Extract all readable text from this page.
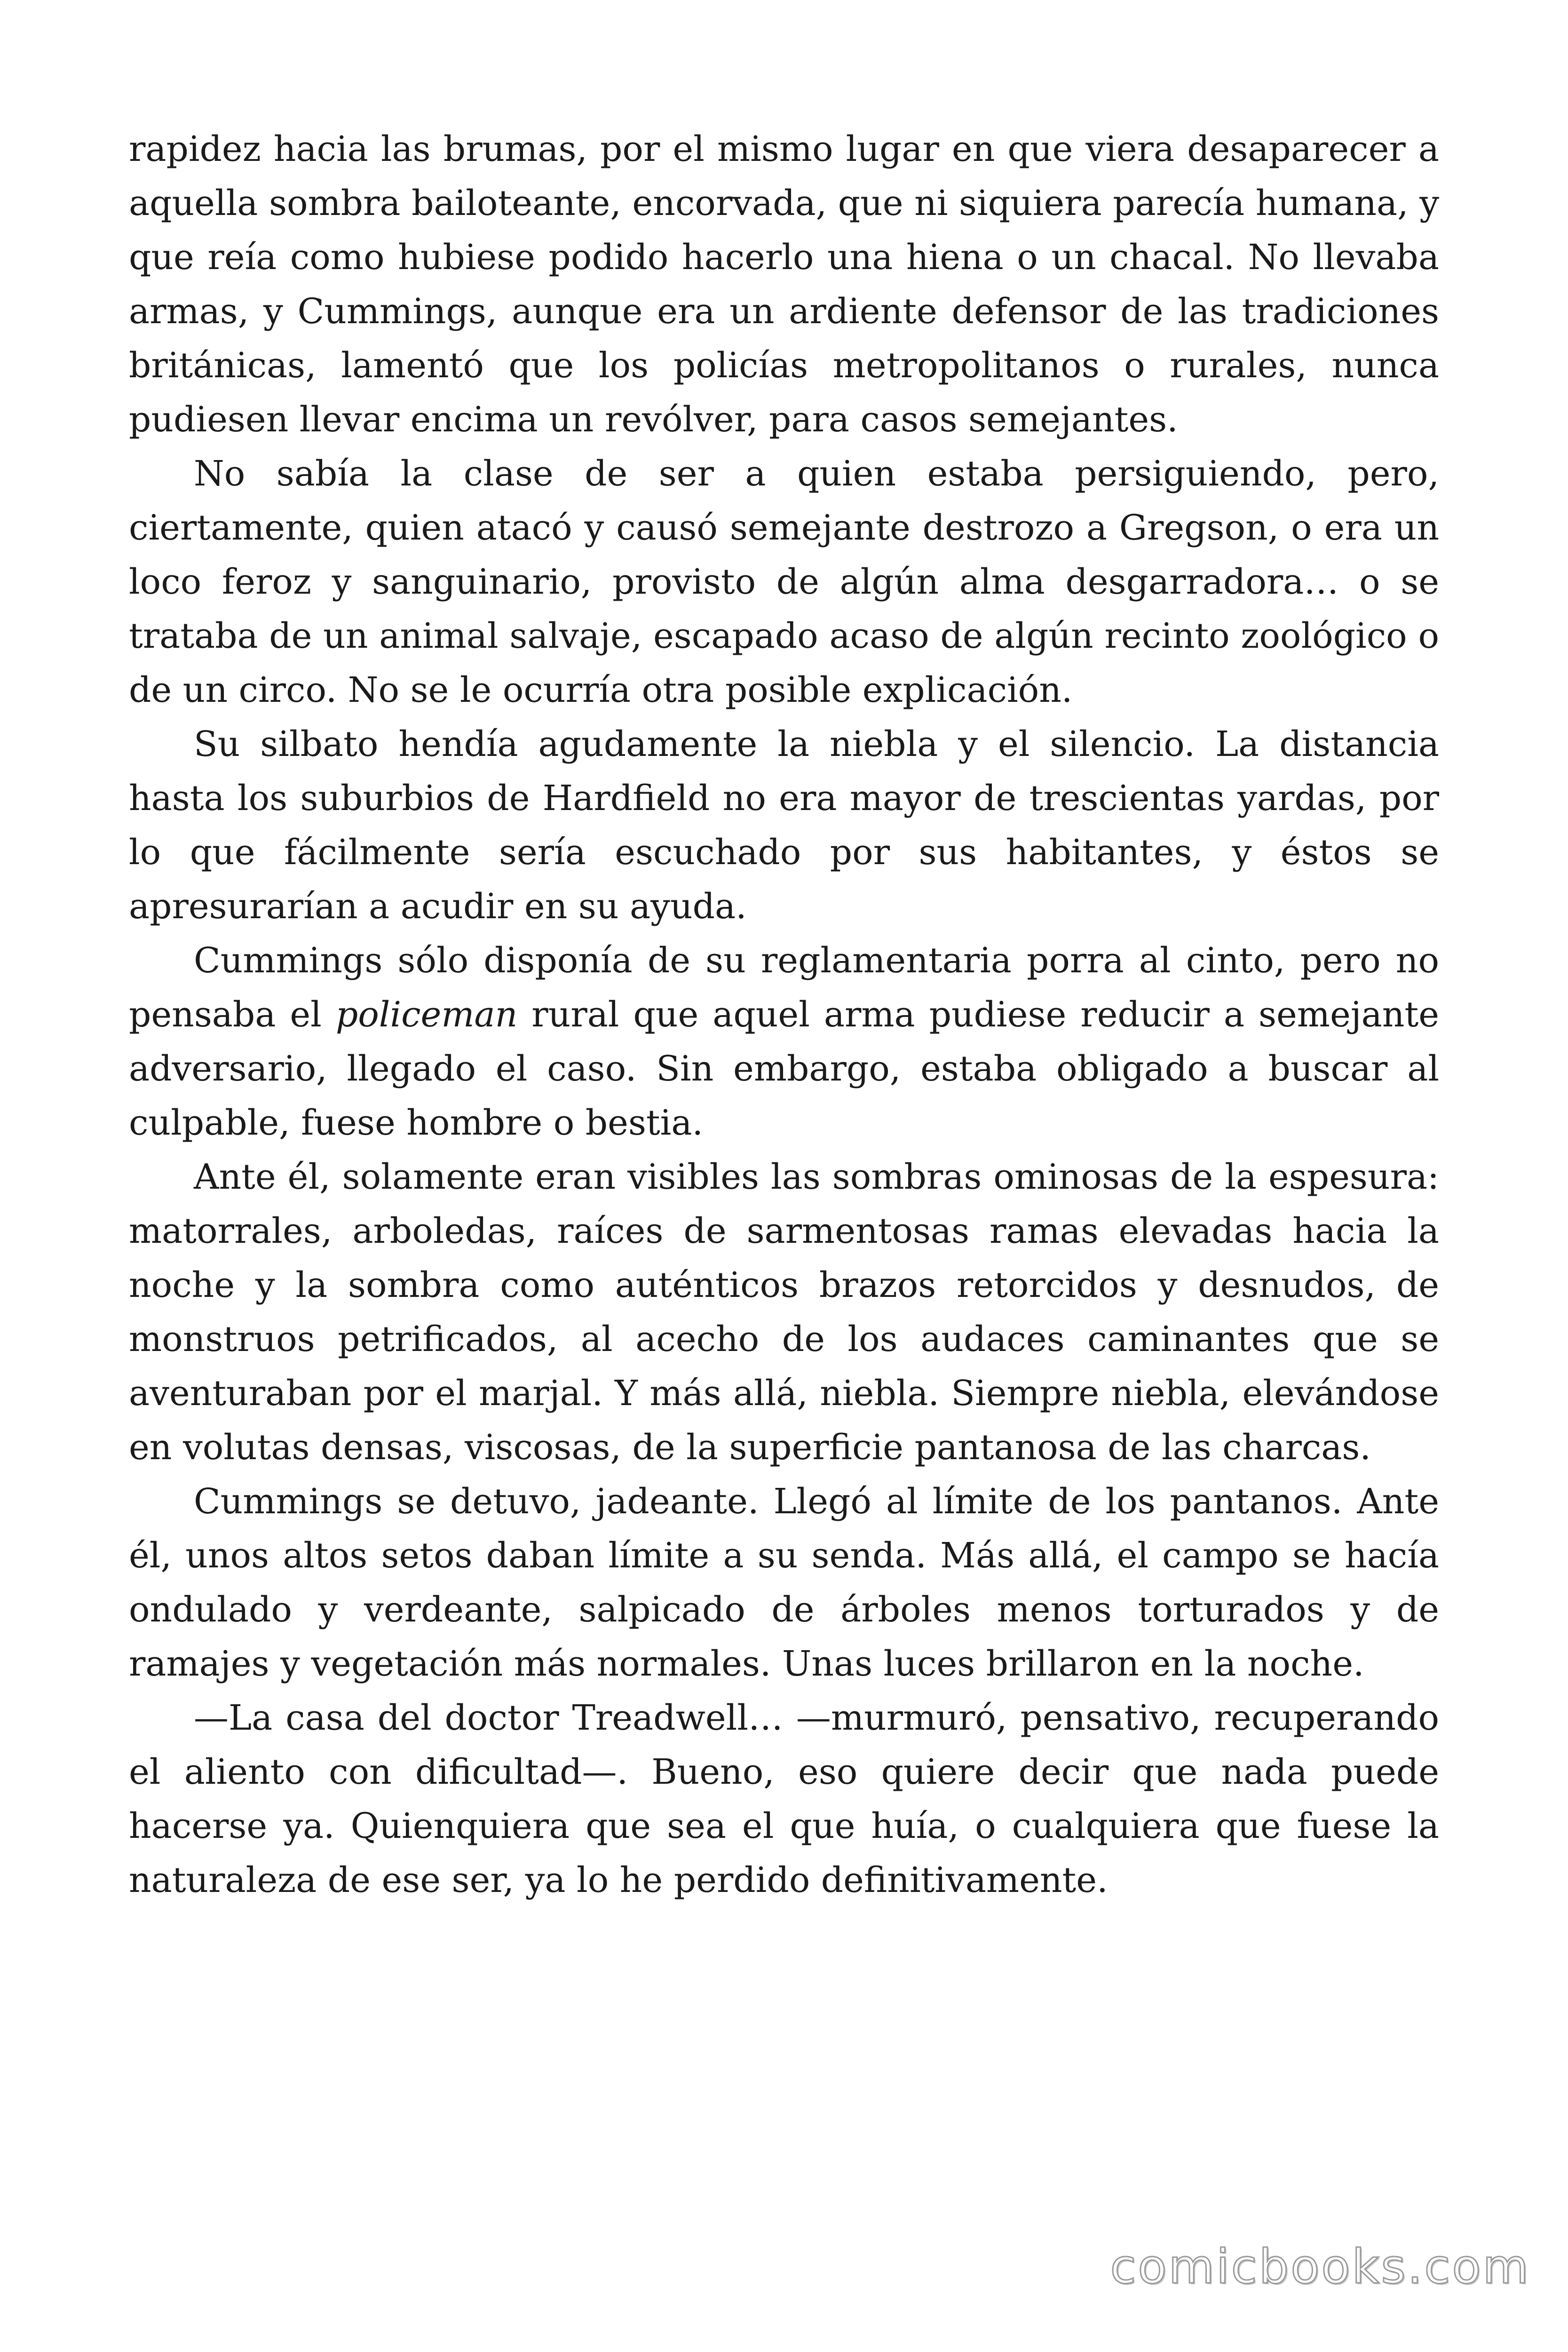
rapidez hacia las brumas, por el mismo lugar en que viera desaparecer a aquella sombra bailoteante, encorvada, que ni siquiera parecía humana, y que reía como hubiese podido hacerlo una hiena o un chacal. No llevaba armas, y Cummings, aunque era un ardiente defensor de las tradiciones británicas, lamentó que los policías metropolitanos o rurales, nunca pudiesen llevar encima un revólver, para casos semejantes.

No sabía la clase de ser a quien estaba persiguiendo, pero, ciertamente, quien atacó y causó semejante destrozo a Gregson, o era un loco feroz y sanguinario, provisto de algún alma desgarradora… o se trataba de un animal salvaje, escapado acaso de algún recinto zoológico o de un circo. No se le ocurría otra posible explicación.

Su silbato hendía agudamente la niebla y el silencio. La distancia hasta los suburbios de Hardfield no era mayor de trescientas yardas, por lo que fácilmente sería escuchado por sus habitantes, y éstos se apresurarían a acudir en su ayuda.

Cummings sólo disponía de su reglamentaria porra al cinto, pero no pensaba el policeman rural que aquel arma pudiese reducir a semejante adversario, llegado el caso. Sin embargo, estaba obligado a buscar al culpable, fuese hombre o bestia.

Ante él, solamente eran visibles las sombras ominosas de la espesura: matorrales, arboledas, raíces de sarmentosas ramas elevadas hacia la noche y la sombra como auténticos brazos retorcidos y desnudos, de monstruos petrificados, al acecho de los audaces caminantes que se aventuraban por el marjal. Y más allá, niebla. Siempre niebla, elevándose en volutas densas, viscosas, de la superficie pantanosa de las charcas.

Cummings se detuvo, jadeante. Llegó al límite de los pantanos. Ante él, unos altos setos daban límite a su senda. Más allá, el campo se hacía ondulado y verdeante, salpicado de árboles menos torturados y de ramajes y vegetación más normales. Unas luces brillaron en la noche.

—La casa del doctor Treadwell… —murmuró, pensativo, recuperando el aliento con dificultad—. Bueno, eso quiere decir que nada puede hacerse ya. Quienquiera que sea el que huía, o cualquiera que fuese la naturaleza de ese ser, ya lo he perdido definitivamente.

comicbooks.com
